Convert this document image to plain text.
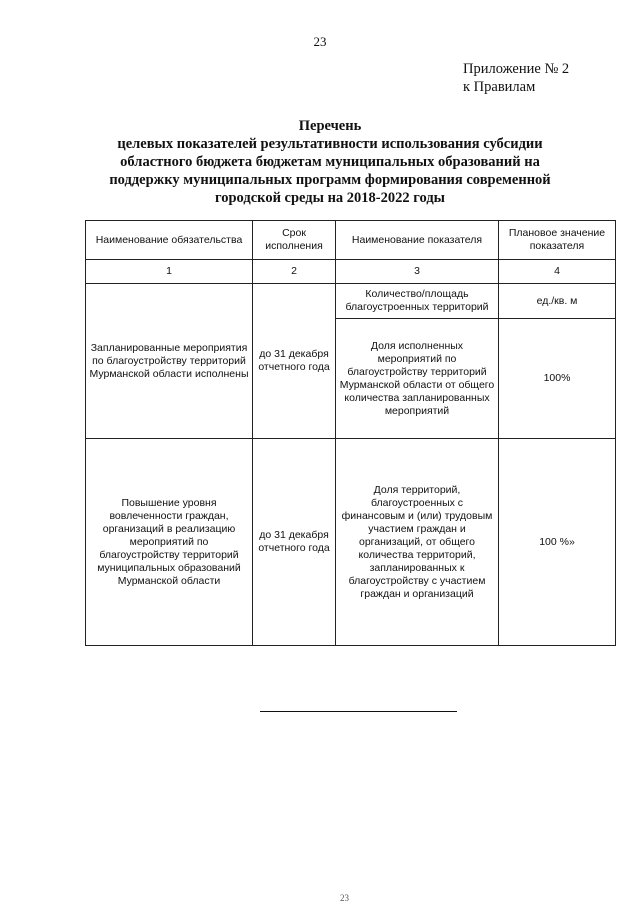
23
Приложение № 2
к Правилам
Перечень
целевых показателей результативности использования субсидии
областного бюджета бюджетам муниципальных образований на
поддержку муниципальных программ формирования современной
городской среды на 2018-2022 годы
Наименование обязательства	Срок исполнения	Наименование показателя	Плановое значение показателя
1	2	3	4
Запланированные мероприятия по благоустройству территорий Мурманской области исполнены	до 31 декабря отчетного года	Количество/площадь благоустроенных территорий	ед./кв. м
		Доля исполненных мероприятий по благоустройству территорий Мурманской области от общего количества запланированных мероприятий	100%
Повышение уровня вовлеченности граждан, организаций в реализацию мероприятий по благоустройству территорий муниципальных образований Мурманской области	до 31 декабря отчетного года	Доля территорий, благоустроенных с финансовым и (или) трудовым участием граждан и организаций, от общего количества территорий, запланированных к благоустройству с участием граждан и организаций	100 %»
23
